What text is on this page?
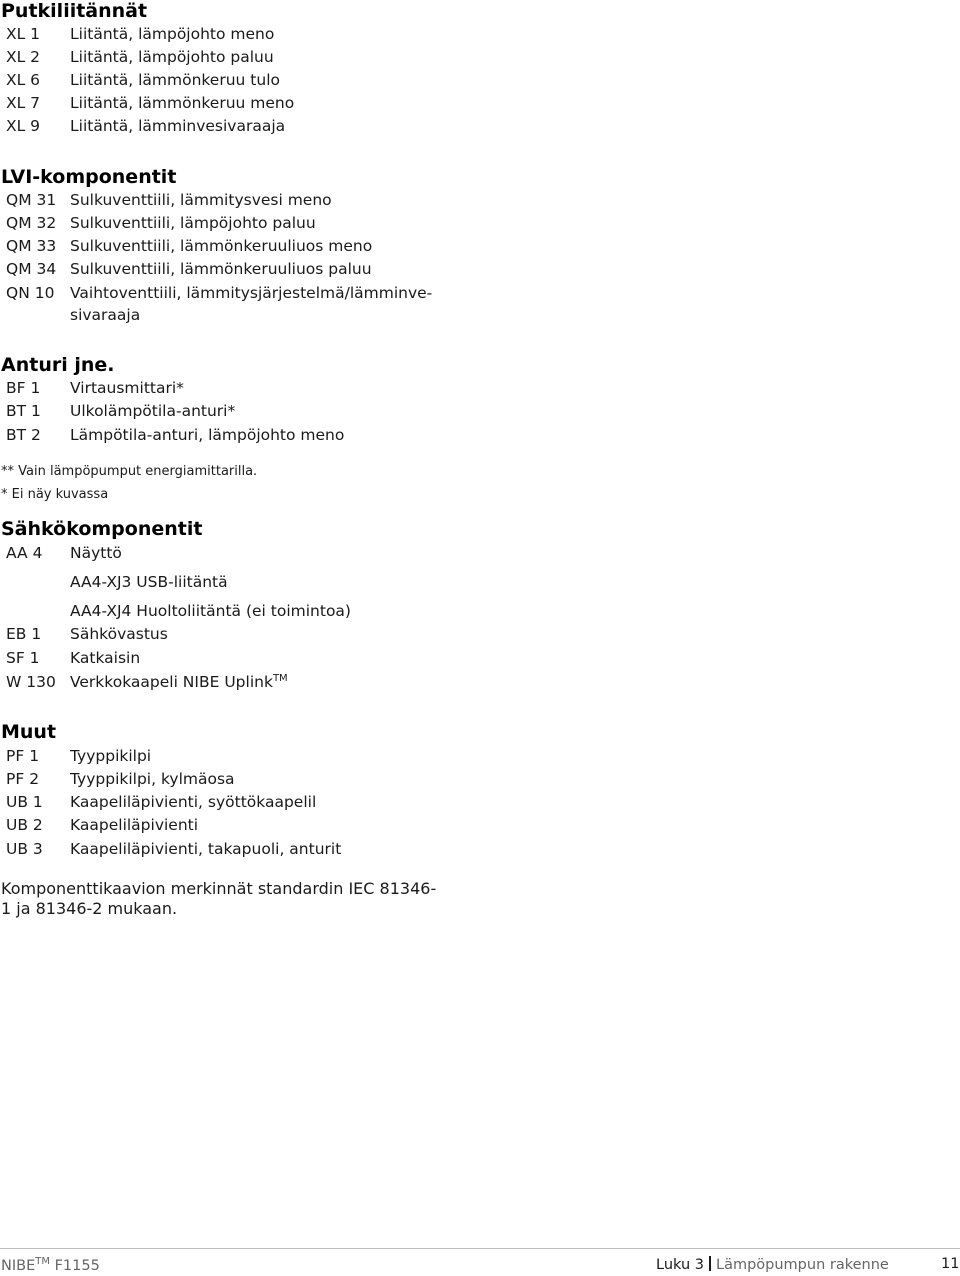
Putkiliitännät
XL 1 Liitäntä, lämpöjohto meno
XL 2 Liitäntä, lämpöjohto paluu
XL 6 Liitäntä, lämmönkeruu tulo
XL 7 Liitäntä, lämmönkeruu meno
XL 9 Liitäntä, lämminvesivaraaja
LVI-komponentit
QM 31 Sulkuventtiili, lämmitysvesi meno
QM 32 Sulkuventtiili, lämpöjohto paluu
QM 33 Sulkuventtiili, lämmönkeruuliuos meno
QM 34 Sulkuventtiili, lämmönkeruuliuos paluu
QN 10 Vaihtoventtiili, lämmitysjärjestelmä/lämminve-
sivaraaja
Anturi jne.
BF 1 Virtausmittari*
BT 1 Ulkolämpötila-anturi*
BT 2 Lämpötila-anturi, lämpöjohto meno
** Vain lämpöpumput energiamittarilla.
* Ei näy kuvassa
Sähkökomponentit
AA 4 Näyttö
AA4-XJ3 USB-liitäntä
AA4-XJ4 Huoltoliitäntä (ei toimintoa)
EB 1 Sähkövastus
SF 1 Katkaisin
W 130 Verkkokaapeli NIBE Uplink™
Muut
PF 1 Tyyppikilpi
PF 2 Tyyppikilpi, kylmäosa
UB 1 Kaapeliläpivienti, syöttökaapelil
UB 2 Kaapeliläpivienti
UB 3 Kaapeliläpivienti, takapuoli, anturit
Komponenttikaavion merkinnät standardin IEC 81346-
1 ja 81346-2 mukaan.
NIBE™ F1155	Luku 3 Lämpöpumpun rakenne	11
